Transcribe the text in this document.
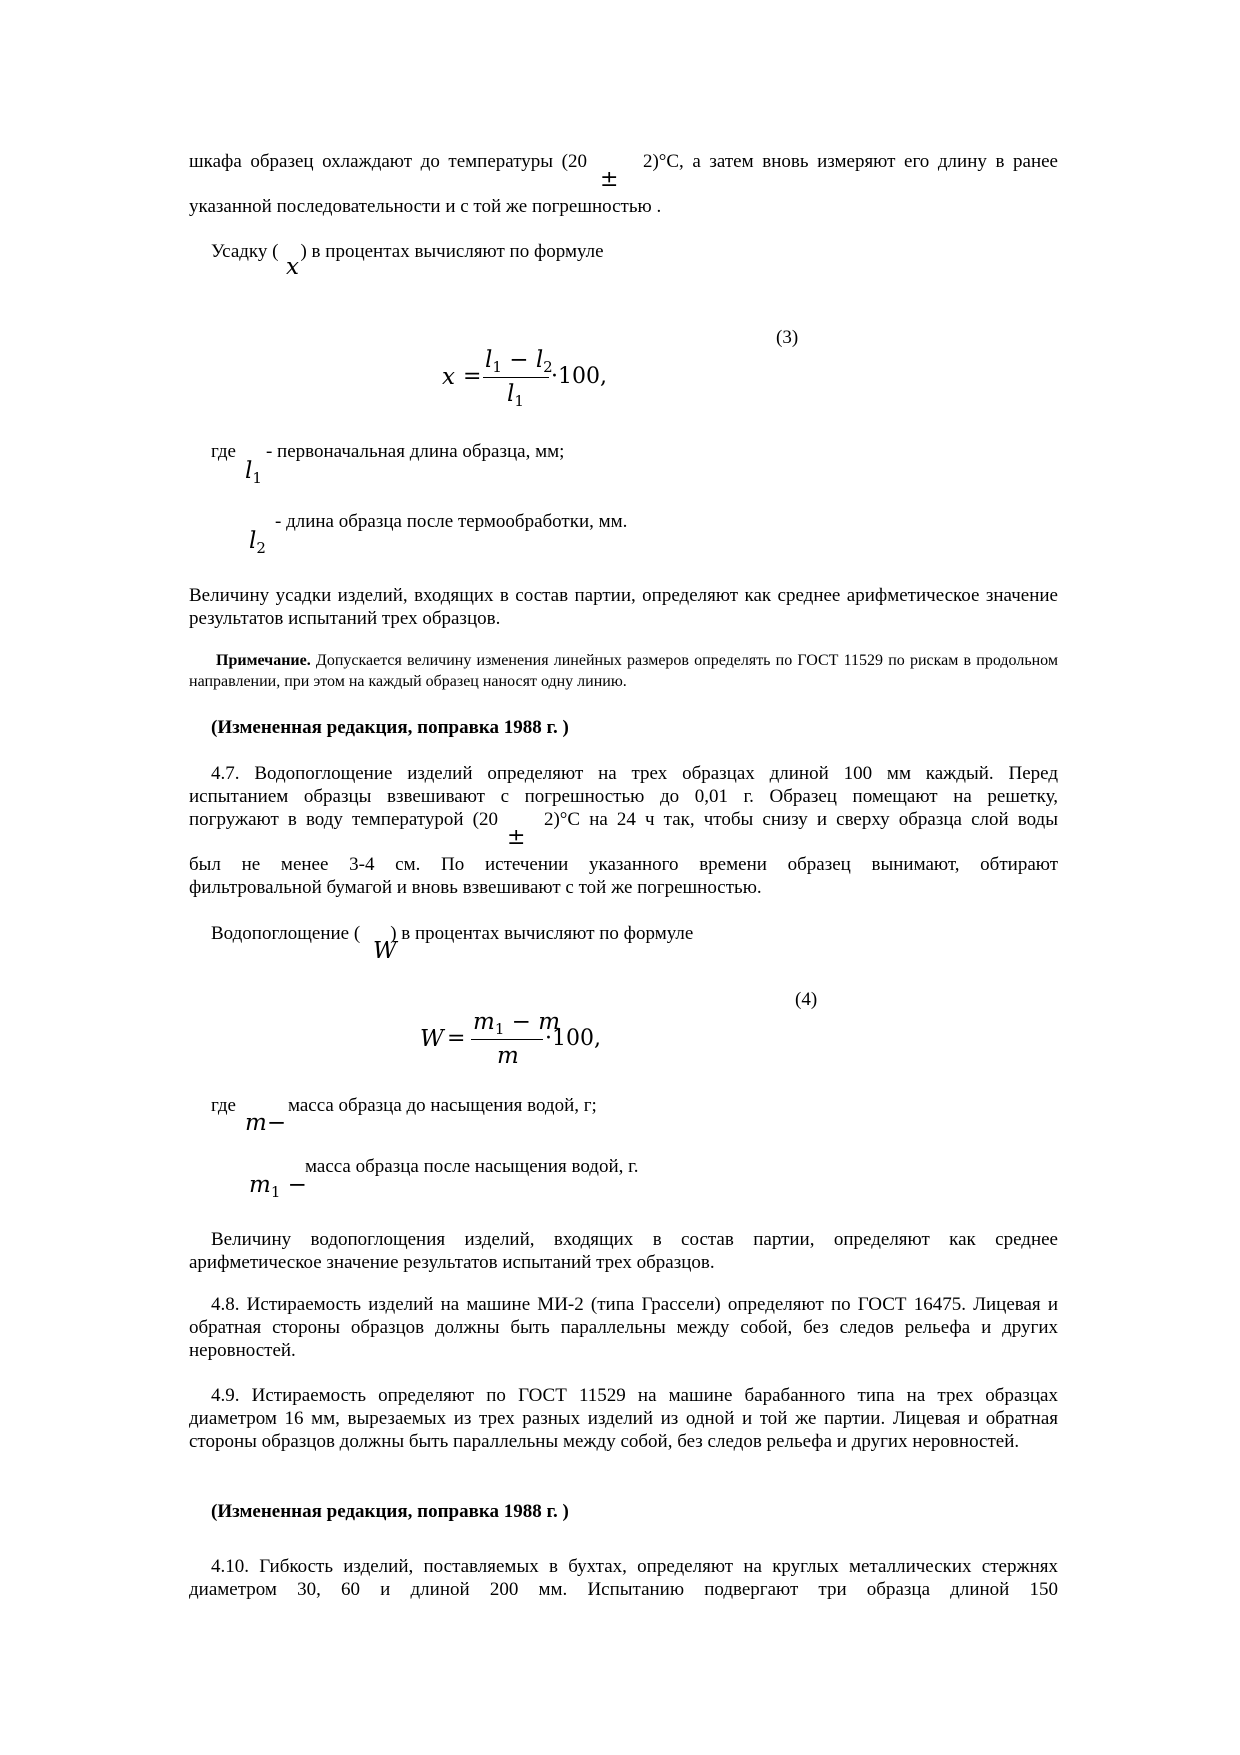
шкафа образец охлаждают до температуры (20	2)°C, а затем вновь измеряют его длину в ранее

±

указанной последовательности и с той же погрешностью .

Усадку ( ) в процентах вычисляют по формуле

x
(3)
x =
$l_1 - l_2$
$l_1$
·100,

где - первоначальная длина образца, мм;

$l_1$

- длина образца после термообработки, мм.

$l_2$

Величину усадки изделий, входящих в состав партии, определяют как среднее арифметическое значение результатов испытаний трех образцов.

Примечание. Допускается величину изменения линейных размеров определять по ГОСТ 11529 по рискам в продольном направлении, при этом на каждый образец наносят одну линию.

(Измененная редакция, поправка 1988 г. )

4.7. Водопоглощение изделий определяют на трех образцах длиной 100 мм каждый. Перед

испытанием образцы взвешивают с погрешностью до 0,01 г. Образец помещают на решетку,

погружают в воду температурой (20 2)°C на 24 ч так, чтобы снизу и сверху образца слой воды

±

был не менее 3-4 см. По истечении указанного времени образец вынимают, обтирают

фильтровальной бумагой и вновь взвешивают с той же погрешностью.

Водопоглощение ( ) в процентах вычисляют по формуле

W
(4)
W =
$m_1 - m$
m
·100,

где	масса образца до насыщения водой, г;

m−

масса образца после насыщения водой, г.

$m_1$ −

Величину водопоглощения изделий, входящих в состав партии, определяют как среднее арифметическое значение результатов испытаний трех образцов.

4.8. Истираемость изделий на машине МИ-2 (типа Грассели) определяют по ГОСТ 16475. Лицевая и обратная стороны образцов должны быть параллельны между собой, без следов рельефа и других неровностей.

4.9. Истираемость определяют по ГОСТ 11529 на машине барабанного типа на трех образцах диаметром 16 мм, вырезаемых из трех разных изделий из одной и той же партии. Лицевая и обратная стороны образцов должны быть параллельны между собой, без следов рельефа и других неровностей.

(Измененная редакция, поправка 1988 г. )

4.10. Гибкость изделий, поставляемых в бухтах, определяют на круглых металлических стержнях диаметром 30, 60 и длиной 200 мм. Испытанию подвергают три образца длиной 150
